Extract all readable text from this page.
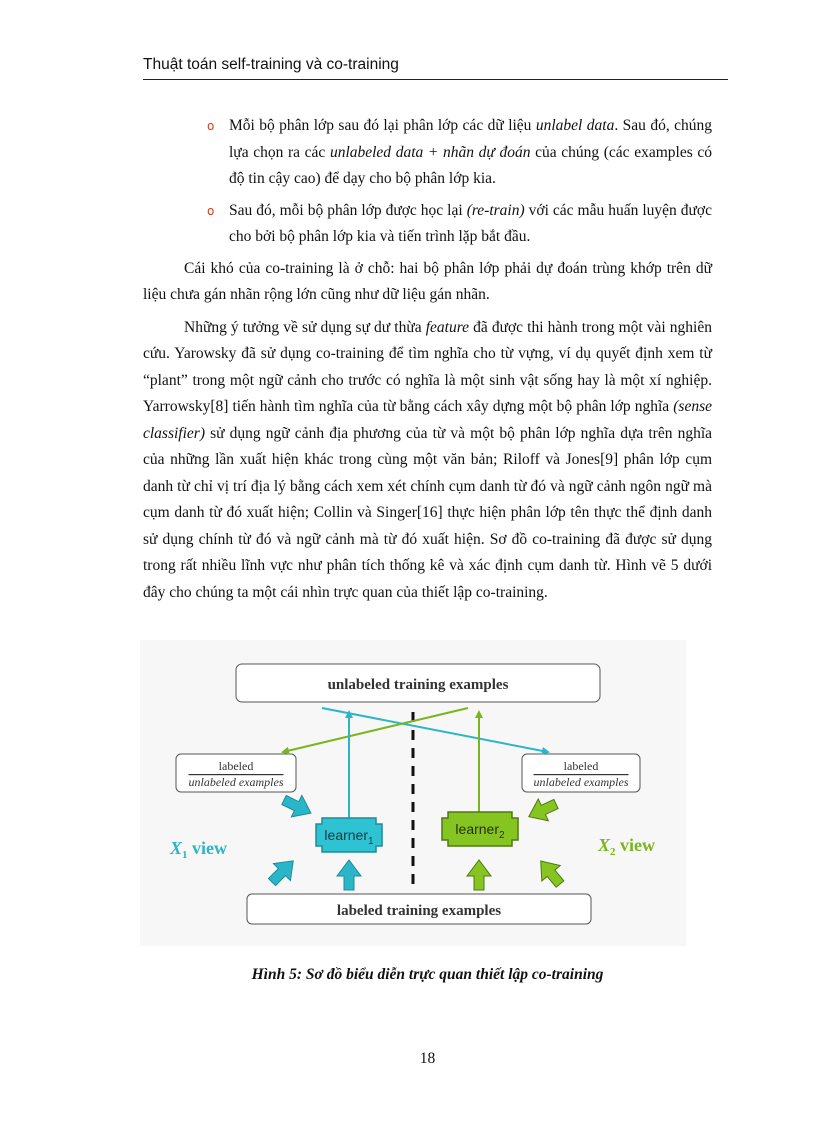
Thuật toán self-training và co-training
o Mỗi bộ phân lớp sau đó lại phân lớp các dữ liệu unlabel data. Sau đó, chúng lựa chọn ra các unlabeled data + nhãn dự đoán của chúng (các examples có độ tin cậy cao) để dạy cho bộ phân lớp kia.
o Sau đó, mỗi bộ phân lớp được học lại (re-train) với các mẫu huấn luyện được cho bởi bộ phân lớp kia và tiến trình lặp bắt đầu.

Cái khó của co-training là ở chỗ: hai bộ phân lớp phải dự đoán trùng khớp trên dữ liệu chưa gán nhãn rộng lớn cũng như dữ liệu gán nhãn.

Những ý tưởng về sử dụng sự dư thừa feature đã được thi hành trong một vài nghiên cứu. Yarowsky đã sử dụng co-training để tìm nghĩa cho từ vựng, ví dụ quyết định xem từ “plant” trong một ngữ cảnh cho trước có nghĩa là một sinh vật sống hay là một xí nghiệp. Yarrowsky[8] tiến hành tìm nghĩa của từ bằng cách xây dựng một bộ phân lớp nghĩa (sense classifier) sử dụng ngữ cảnh địa phương của từ và một bộ phân lớp nghĩa dựa trên nghĩa của những lần xuất hiện khác trong cùng một văn bản; Riloff và Jones[9] phân lớp cụm danh từ chỉ vị trí địa lý bằng cách xem xét chính cụm danh từ đó và ngữ cảnh ngôn ngữ mà cụm danh từ đó xuất hiện; Collin và Singer[16] thực hiện phân lớp tên thực thể định danh sử dụng chính từ đó và ngữ cảnh mà từ đó xuất hiện. Sơ đồ co-training đã được sử dụng trong rất nhiều lĩnh vực như phân tích thống kê và xác định cụm danh từ. Hình vẽ 5 dưới đây cho chúng ta một cái nhìn trực quan của thiết lập co-training.

unlabeled training examples
labeled training examples
labeled
unlabeled examples
labeled
unlabeled examples
learner$_1$
learner$_2$
$X_1$ view	$X_2$ view
Hình 5: Sơ đồ biểu diễn trực quan thiết lập co-training
18
